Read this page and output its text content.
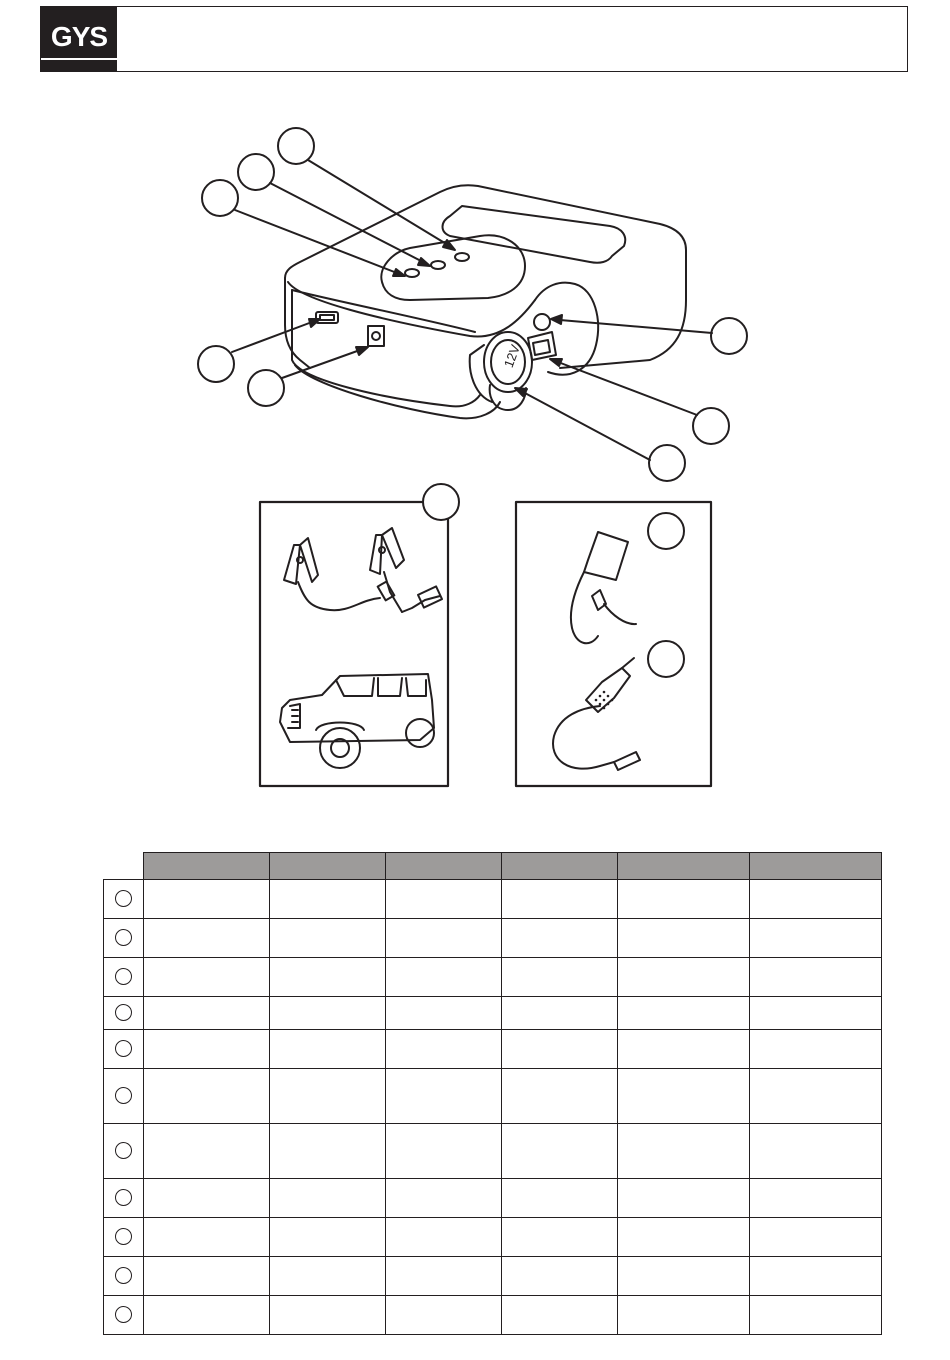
GYS
12V
